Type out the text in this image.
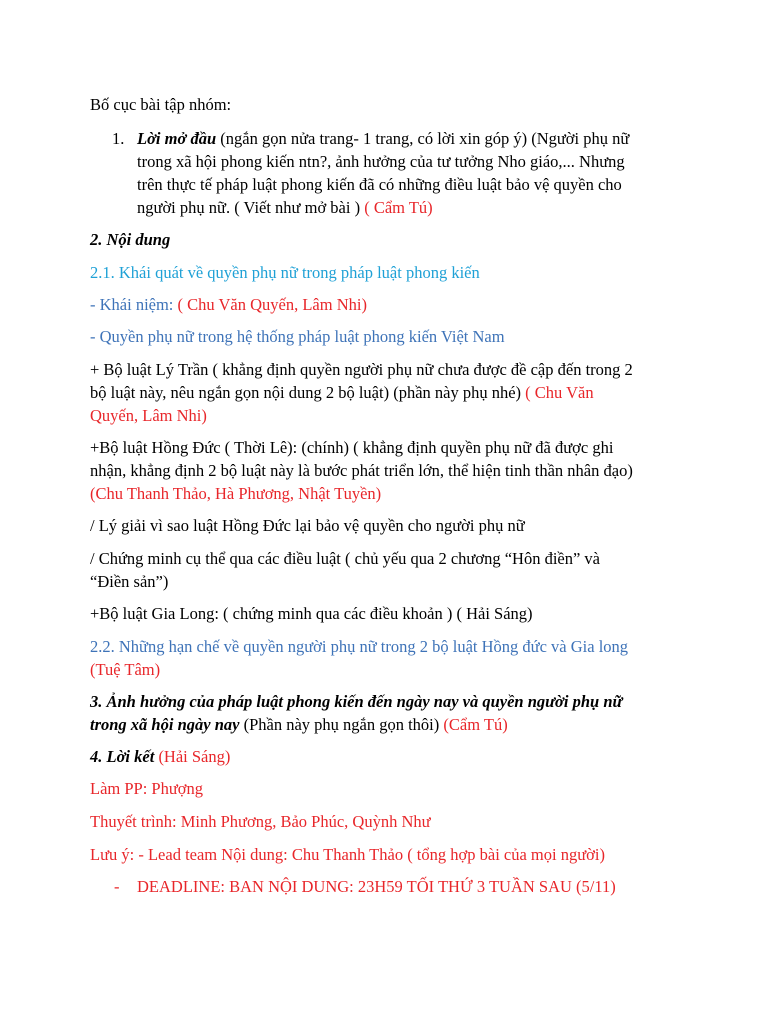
Bố cục bài tập nhóm:
1. Lời mở đầu (ngắn gọn nửa trang- 1 trang, có lời xin góp ý) (Người phụ nữ
trong xã hội phong kiến ntn?, ảnh hưởng của tư tưởng Nho giáo,... Nhưng
trên thực tế pháp luật phong kiến đã có những điều luật bảo vệ quyền cho
người phụ nữ. ( Viết như mở bài ) ( Cẩm Tú)
2. Nội dung
2.1. Khái quát về quyền phụ nữ trong pháp luật phong kiến
- Khái niệm: ( Chu Văn Quyến, Lâm Nhi)
- Quyền phụ nữ trong hệ thống pháp luật phong kiến Việt Nam
+ Bộ luật Lý Trần ( khẳng định quyền người phụ nữ chưa được đề cập đến trong 2
bộ luật này, nêu ngắn gọn nội dung 2 bộ luật) (phần này phụ nhé) ( Chu Văn
Quyến, Lâm Nhi)
+Bộ luật Hồng Đức ( Thời Lê): (chính) ( khẳng định quyền phụ nữ đã được ghi
nhận, khẳng định 2 bộ luật này là bước phát triển lớn, thể hiện tinh thần nhân đạo)
(Chu Thanh Thảo, Hà Phương, Nhật Tuyền)
/ Lý giải vì sao luật Hồng Đức lại bảo vệ quyền cho người phụ nữ
/ Chứng minh cụ thể qua các điều luật ( chủ yếu qua 2 chương “Hôn điền” và
“Điền sản”)
+Bộ luật Gia Long: ( chứng minh qua các điều khoản ) ( Hải Sáng)
2.2. Những hạn chế về quyền người phụ nữ trong 2 bộ luật Hồng đức và Gia long
(Tuệ Tâm)
3. Ảnh hưởng của pháp luật phong kiến đến ngày nay và quyền người phụ nữ
trong xã hội ngày nay (Phần này phụ ngắn gọn thôi) (Cẩm Tú)
4. Lời kết (Hải Sáng)
Làm PP: Phượng
Thuyết trình: Minh Phương, Bảo Phúc, Quỳnh Như
Lưu ý: - Lead team Nội dung: Chu Thanh Thảo ( tổng hợp bài của mọi người)
- DEADLINE: BAN NỘI DUNG: 23H59 TỐI THỨ 3 TUẦN SAU (5/11)
